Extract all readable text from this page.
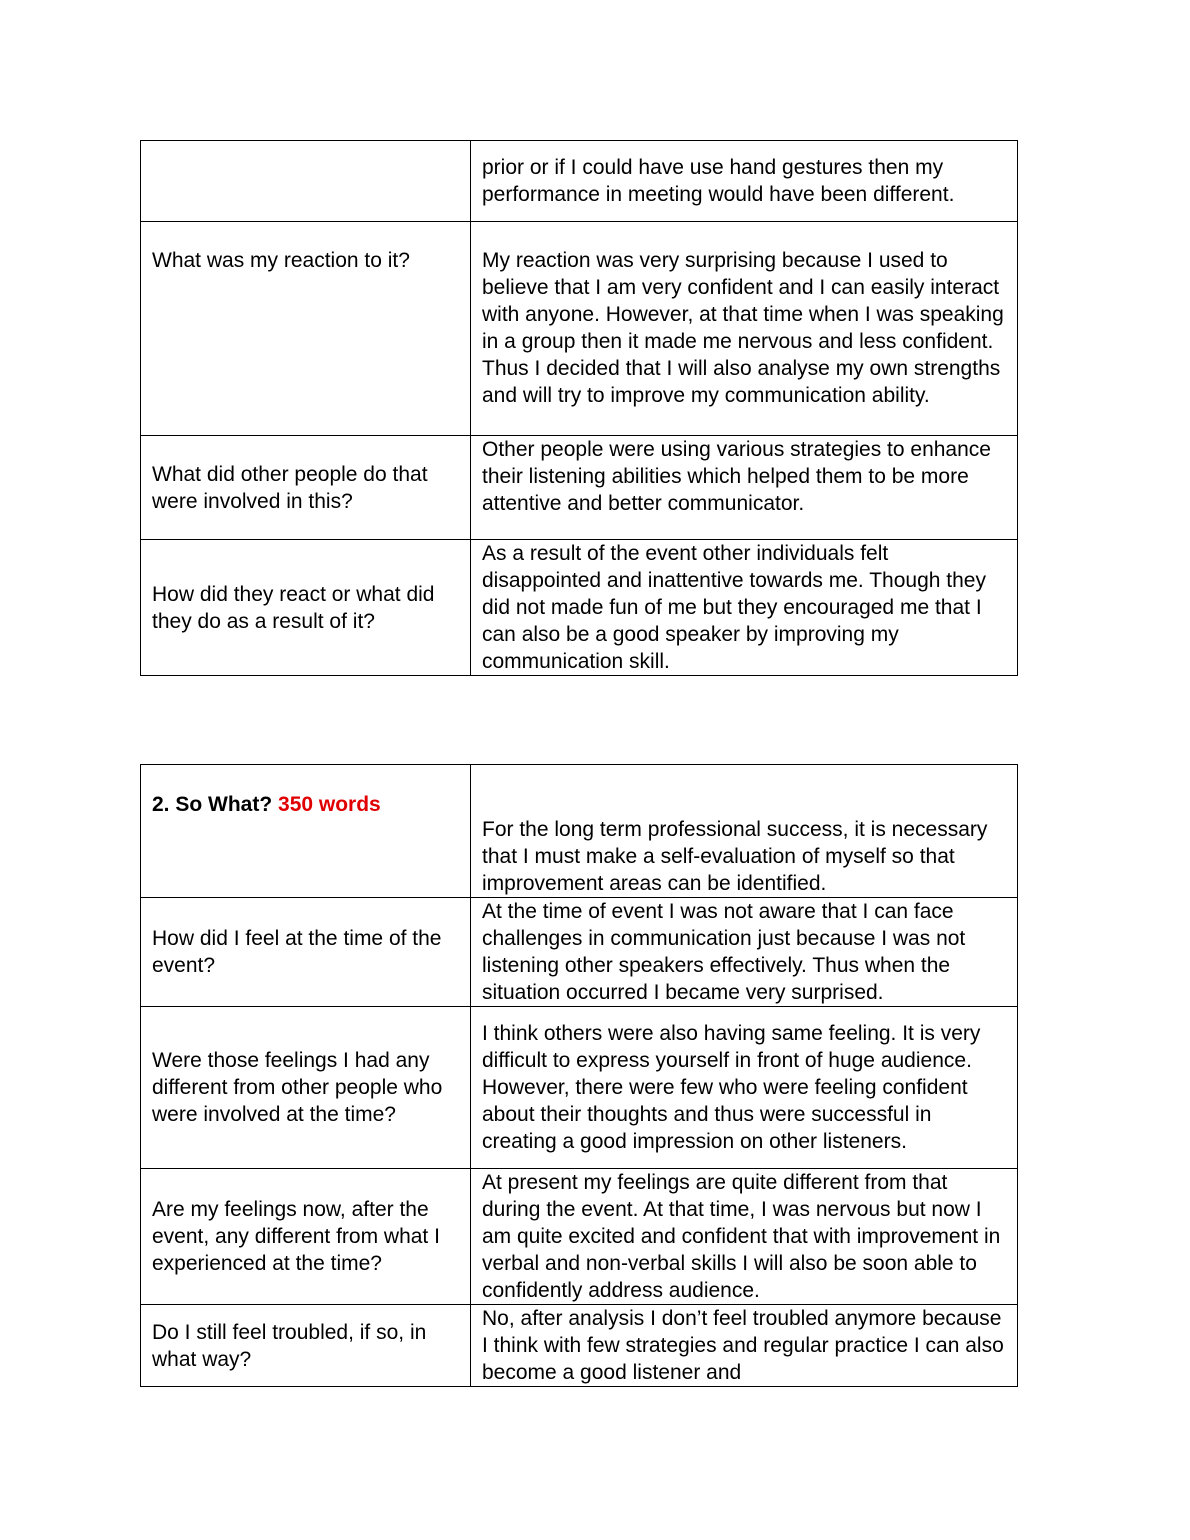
	prior or if I could have use hand gestures then my performance in meeting would have been different.
What was my reaction to it?	My reaction was very surprising because I used to believe that I am very confident and I can easily interact with anyone. However, at that time when I was speaking in a group then it made me nervous and less confident. Thus I decided that I will also analyse my own strengths and will try to improve my communication ability.
What did other people do that were involved in this?	Other people were using various strategies to enhance their listening abilities which helped them to be more attentive and better communicator.
How did they react or what did they do as a result of it?	As a result of the event other individuals felt disappointed and inattentive towards me. Though they did not made fun of me but they encouraged me that I can also be a good speaker by improving my communication skill.
2. So What? 350 words	For the long term professional success, it is necessary that I must make a self-evaluation of myself so that improvement areas can be identified.
How did I feel at the time of the event?	At the time of event I was not aware that I can face challenges in communication just because I was not listening other speakers effectively. Thus when the situation occurred I became very surprised.
Were those feelings I had any different from other people who were involved at the time?	I think others were also having same feeling. It is very difficult to express yourself in front of huge audience. However, there were few who were feeling confident about their thoughts and thus were successful in creating a good impression on other listeners.
Are my feelings now, after the event, any different from what I experienced at the time?	At present my feelings are quite different from that during the event. At that time, I was nervous but now I am quite excited and confident that with improvement in verbal and non-verbal skills I will also be soon able to confidently address audience.
Do I still feel troubled, if so, in what way?	No, after analysis I don’t feel troubled anymore because I think with few strategies and regular practice I can also become a good listener and
